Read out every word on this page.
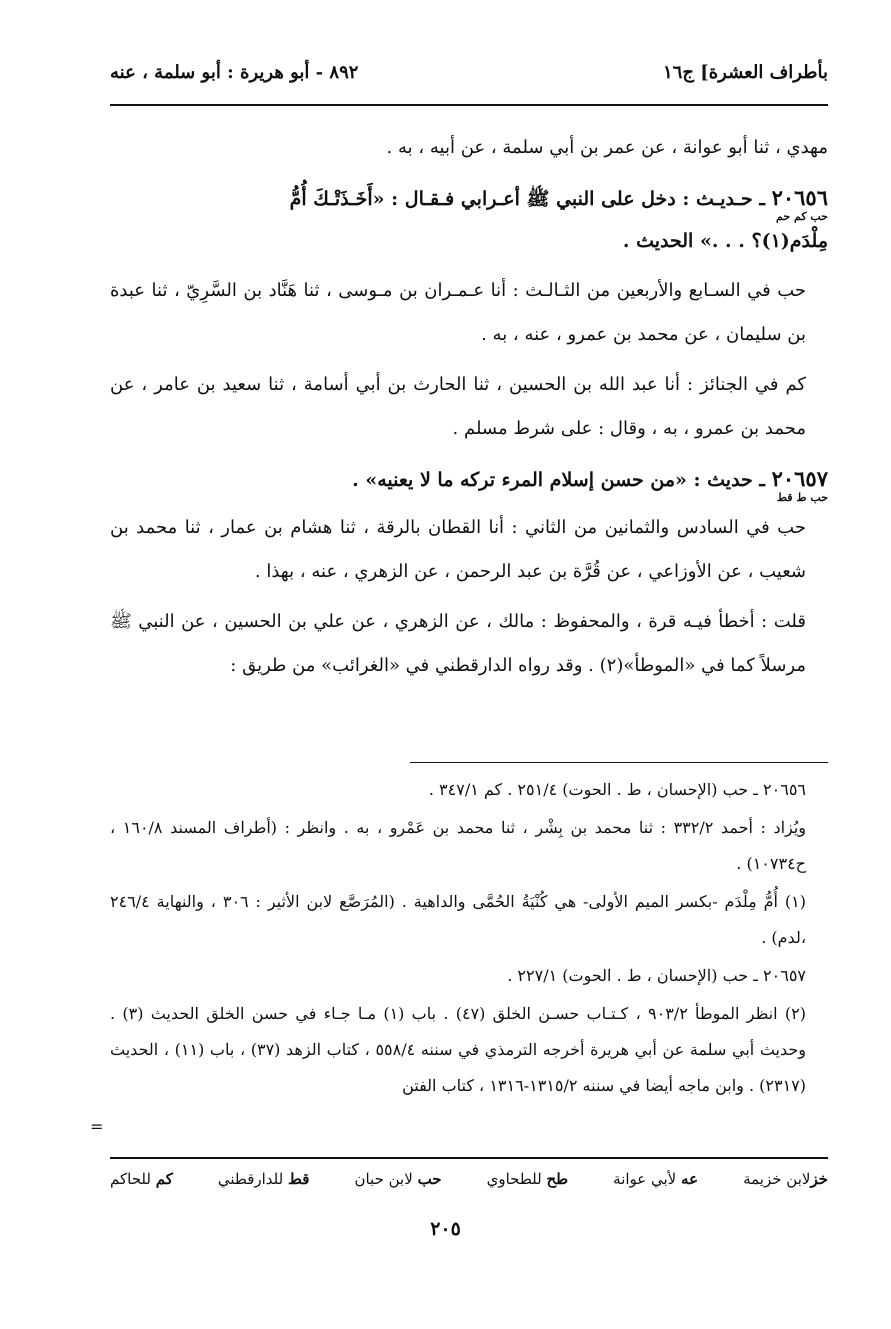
بأطراف العشرة] ج١٦
٨٩٢ - أبو هريرة : أبو سلمة ، عنه

مهدي ، ثنا أبو عوانة ، عن عمر بن أبي سلمة ، عن أبيه ، به .

٢٠٦٥٦ ـ حـديـث : دخل على النبي ﷺ أعـرابي فـقـال : «أَخَـذَتْـكَ أُمُّ
حب كم حم
مِلْدَم(١)؟ . . .» الحديث .

حب في السـابع والأربعين من الثـالـث : أنا عـمـران بن مـوسى ، ثنا هَنَّاد بن السَّرِيّ ، ثنا عبدة بن سليمان ، عن محمد بن عمرو ، عنه ، به .

كم في الجنائز : أنا عبد الله بن الحسين ، ثنا الحارث بن أبي أسامة ، ثنا سعيد بن عامر ، عن محمد بن عمرو ، به ، وقال : على شرط مسلم .

٢٠٦٥٧ ـ حديث : «من حسن إسلام المرء تركه ما لا يعنيه» .
حب ط قط

حب في السادس والثمانين من الثاني : أنا القطان بالرقة ، ثنا هشام بن عمار ، ثنا محمد بن شعيب ، عن الأوزاعي ، عن قُرَّة بن عبد الرحمن ، عن الزهري ، عنه ، بهذا .

قلت : أخطأ فيـه قرة ، والمحفوظ : مالك ، عن الزهري ، عن علي بن الحسين ، عن النبي ﷺ مرسلاً كما في «الموطأ»(٢) . وقد رواه الدارقطني في «الغرائب» من طريق :

٢٠٦٥٦ ـ حب (الإحسان ، ط . الحوت) ٢٥١/٤ . كم ٣٤٧/١ .

ويُزاد : أحمد ٣٣٢/٢ : ثنا محمد بن بِشْر ، ثنا محمد بن عَمْرو ، به . وانظر : (أطراف المسند ١٦٠/٨ ، ح١٠٧٣٤) .

(١) أُمُّ مِلْدَم -بكسر الميم الأولى- هي كُنْيَةُ الحُمَّى والداهية . (المُرَصَّع لابن الأثير : ٣٠٦ ، والنهاية ٢٤٦/٤ ،لدم) .

٢٠٦٥٧ ـ حب (الإحسان ، ط . الحوت) ٢٢٧/١ .

(٢) انظر الموطأ ٩٠٣/٢ ، كـتـاب حسـن الخلق (٤٧) . باب (١) مـا جـاء في حسن الخلق الحديث (٣) . وحديث أبي سلمة عن أبي هريرة أخرجه الترمذي في سننه ٥٥٨/٤ ، كتاب الزهد (٣٧) ، باب (١١) ، الحديث (٢٣١٧) . وابن ماجه أيضا في سننه ١٣١٥/٢-١٣١٦ ، كتاب الفتن

=
خزلابن خزيمة
عه لأبي عوانة
طح للطحاوي
حب لابن حبان
قط للدارقطني
كم للحاكم
٢٠٥
